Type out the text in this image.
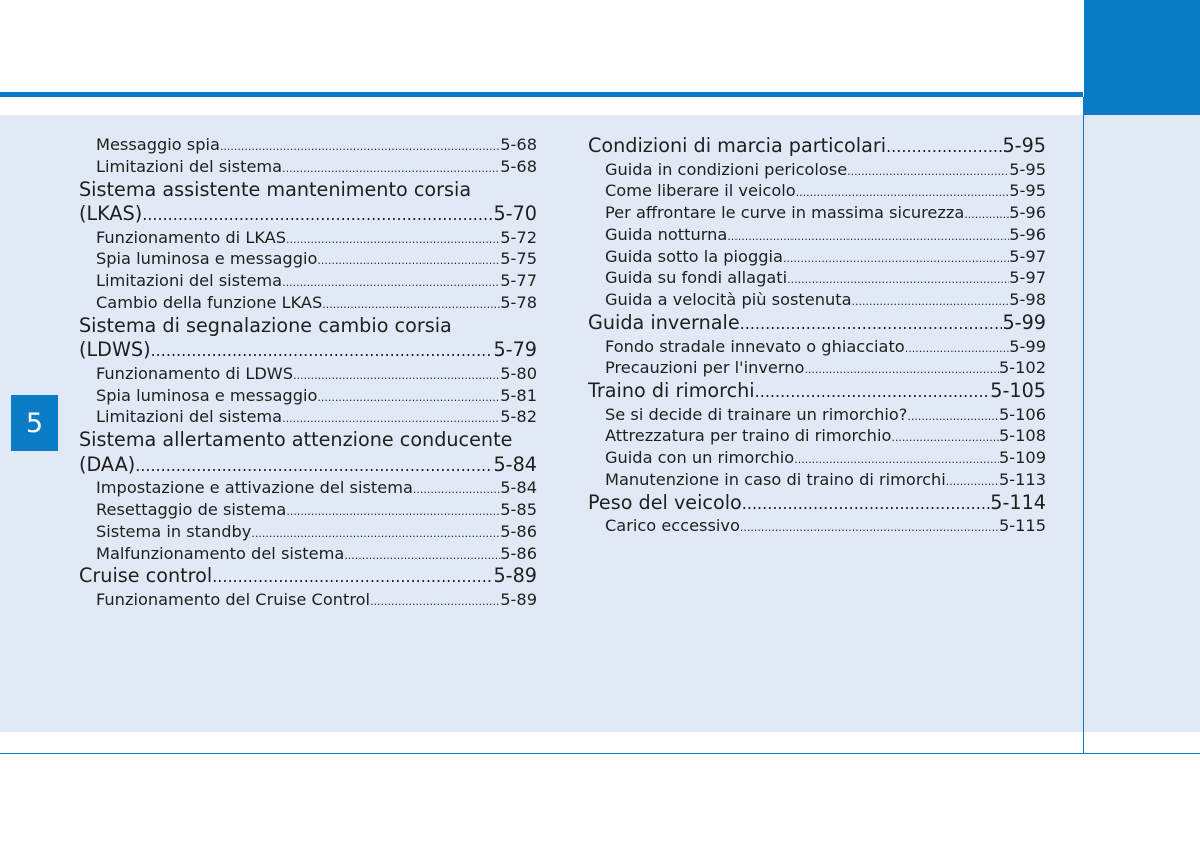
5
Messaggio spia .....	5-68
Limitazioni del sistema .....	5-68
Sistema assistente mantenimento corsia
(LKAS) .....	5-70
Funzionamento di LKAS .....	5-72
Spia luminosa e messaggio .....	5-75
Limitazioni del sistema .....	5-77
Cambio della funzione LKAS .....	5-78
Sistema di segnalazione cambio corsia
(LDWS) .....	5-79
Funzionamento di LDWS .....	5-80
Spia luminosa e messaggio .....	5-81
Limitazioni del sistema .....	5-82
Sistema allertamento attenzione conducente
(DAA) .....	5-84
Impostazione e attivazione del sistema .....	5-84
Resettaggio de sistema .....	5-85
Sistema in standby .....	5-86
Malfunzionamento del sistema .....	5-86
Cruise control .....	5-89
Funzionamento del Cruise Control .....	5-89
Condizioni di marcia particolari .....	5-95
Guida in condizioni pericolose .....	5-95
Come liberare il veicolo .....	5-95
Per affrontare le curve in massima sicurezza .....	5-96
Guida notturna .....	5-96
Guida sotto la pioggia .....	5-97
Guida su fondi allagati .....	5-97
Guida a velocità più sostenuta .....	5-98
Guida invernale .....	5-99
Fondo stradale innevato o ghiacciato .....	5-99
Precauzioni per l'inverno .....	5-102
Traino di rimorchi .....	5-105
Se si decide di trainare un rimorchio? .....	5-106
Attrezzatura per traino di rimorchio .....	5-108
Guida con un rimorchio .....	5-109
Manutenzione in caso di traino di rimorchi .....	5-113
Peso del veicolo .....	5-114
Carico eccessivo .....	5-115
